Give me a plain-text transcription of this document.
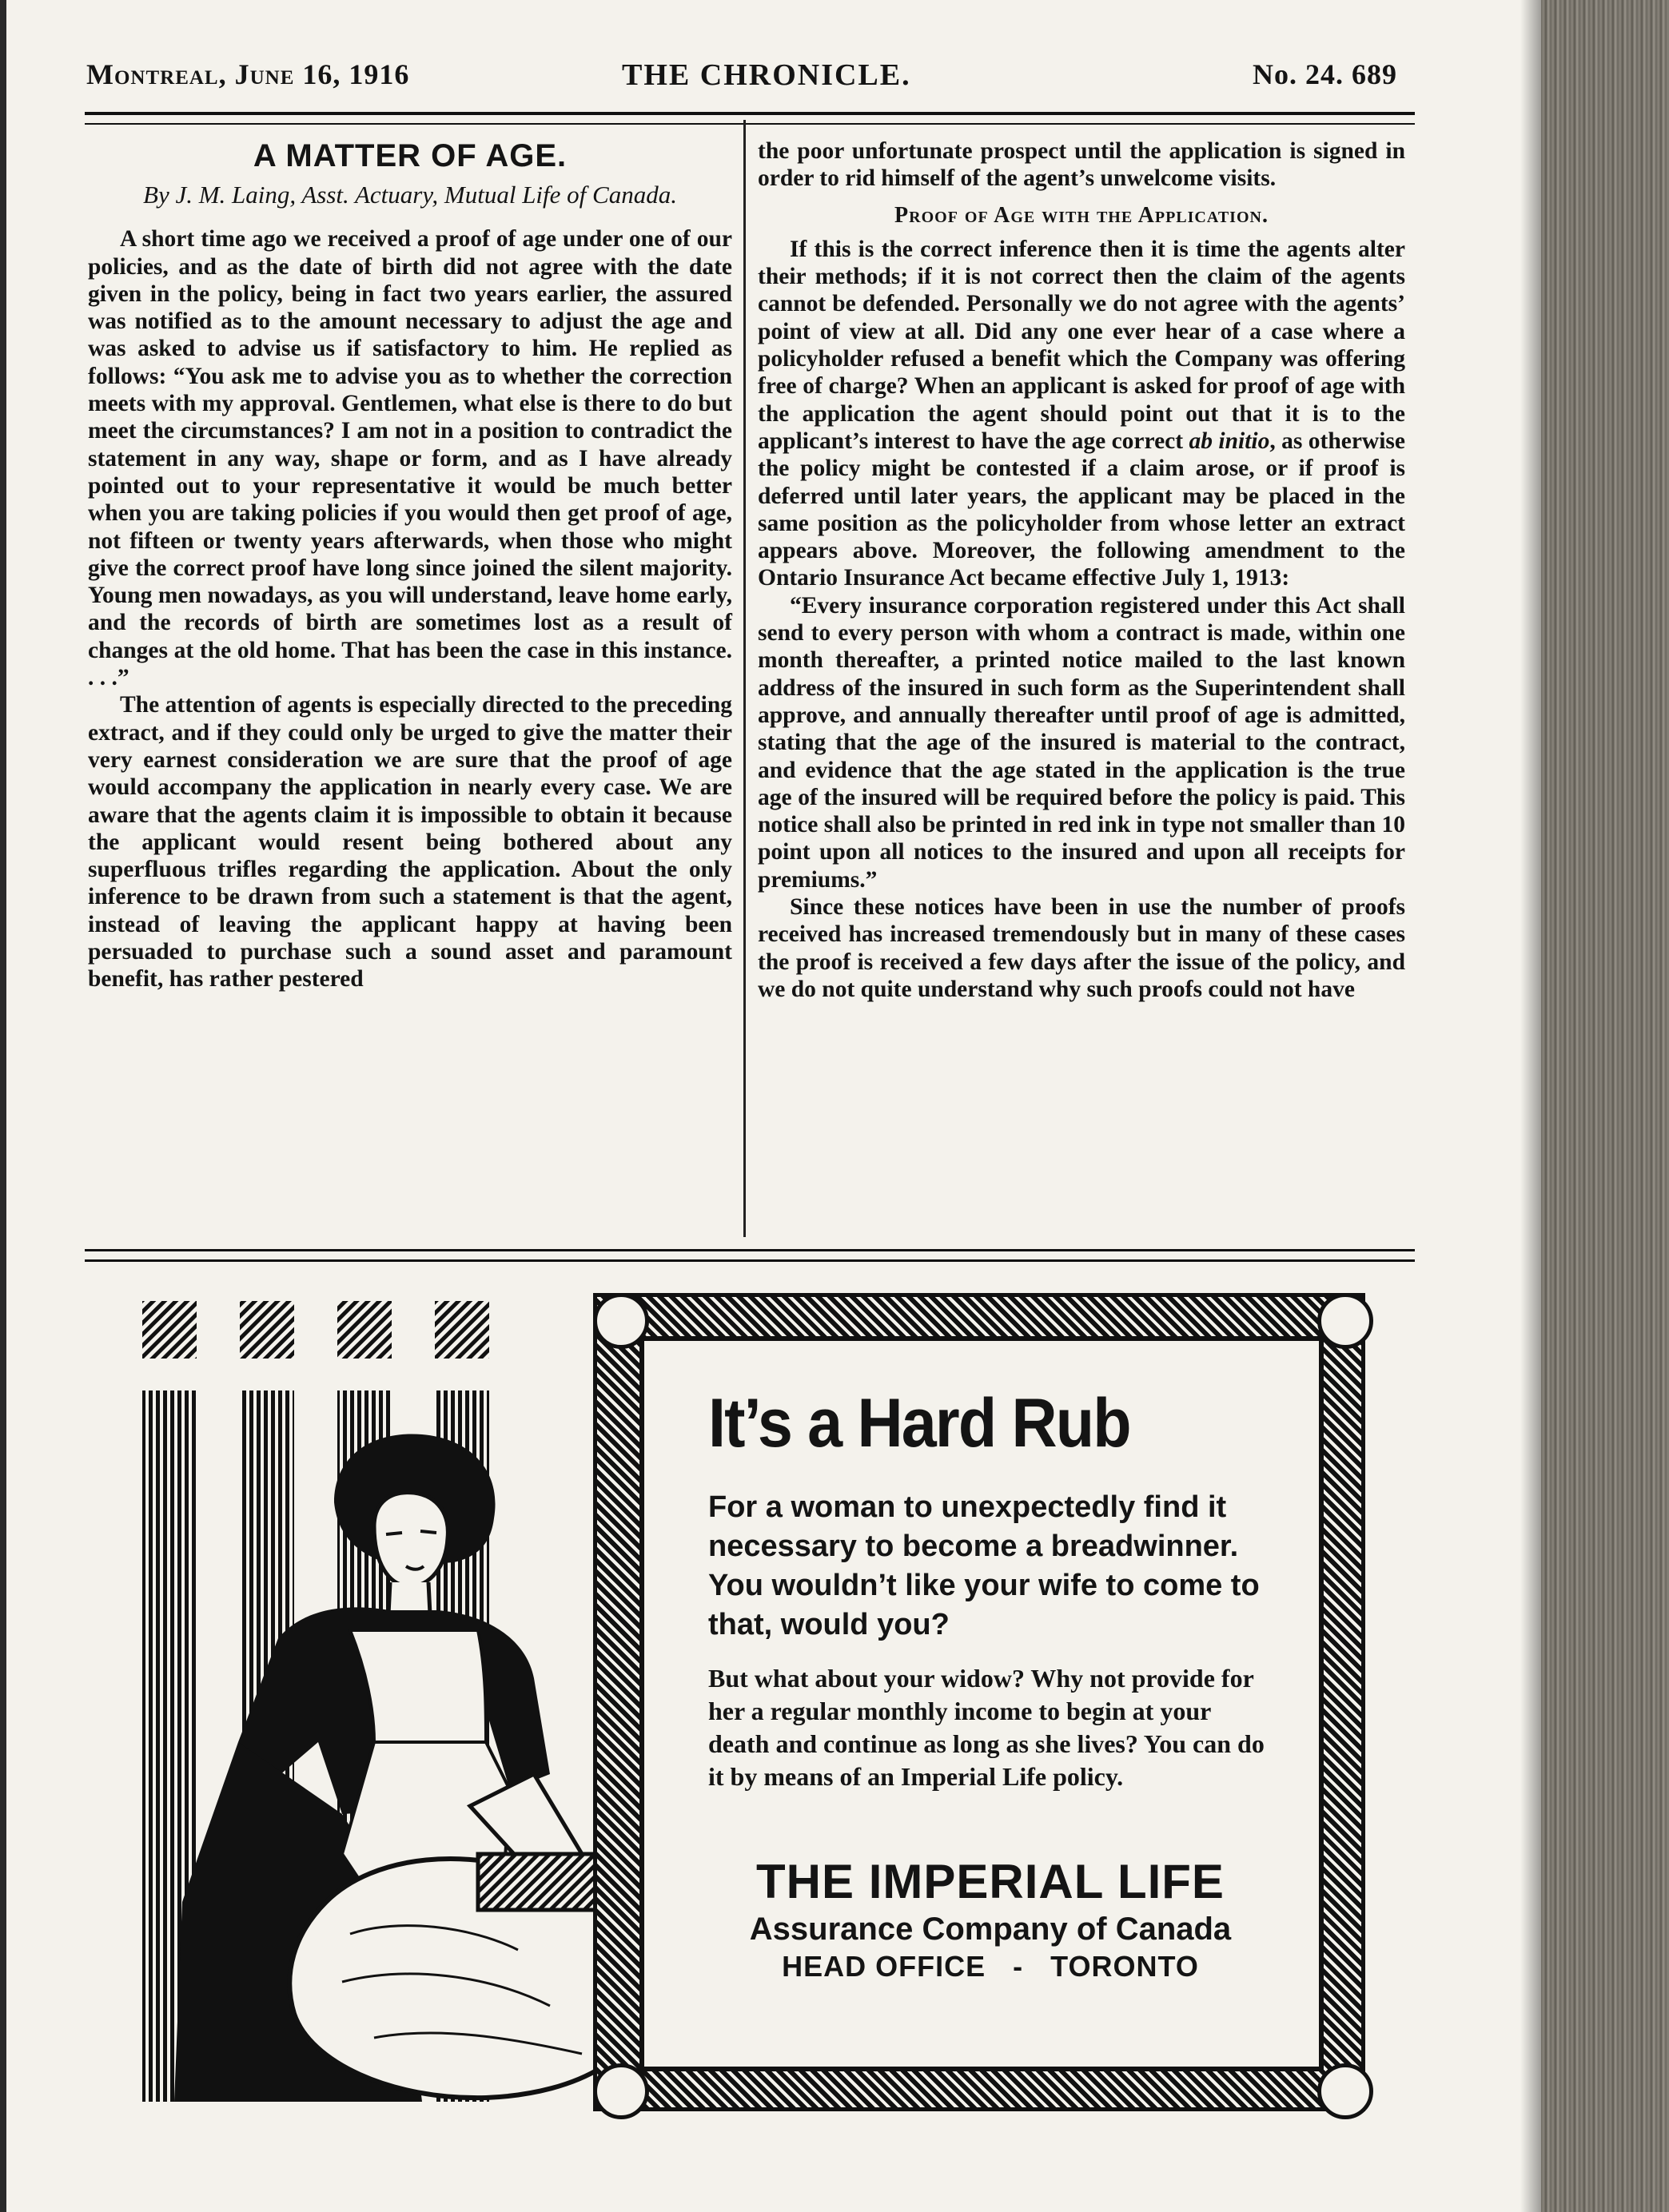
Montreal, June 16, 1916	THE CHRONICLE.	No. 24. 689
A MATTER OF AGE.
By J. M. Laing, Asst. Actuary, Mutual Life of Canada.

A short time ago we received a proof of age under one of our policies, and as the date of birth did not agree with the date given in the policy, being in fact two years earlier, the assured was notified as to the amount necessary to adjust the age and was asked to advise us if satisfactory to him. He replied as follows: “You ask me to advise you as to whether the correction meets with my approval. Gentlemen, what else is there to do but meet the circumstances? I am not in a position to contradict the statement in any way, shape or form, and as I have already pointed out to your representative it would be much better when you are taking policies if you would then get proof of age, not fifteen or twenty years afterwards, when those who might give the correct proof have long since joined the silent majority. Young men nowadays, as you will understand, leave home early, and the records of birth are sometimes lost as a result of changes at the old home. That has been the case in this instance. . . .”

The attention of agents is especially directed to the preceding extract, and if they could only be urged to give the matter their very earnest consideration we are sure that the proof of age would accompany the application in nearly every case. We are aware that the agents claim it is impossible to obtain it because the applicant would resent being bothered about any superfluous trifles regarding the application. About the only inference to be drawn from such a statement is that the agent, instead of leaving the applicant happy at having been persuaded to purchase such a sound asset and paramount benefit, has rather pestered

the poor unfortunate prospect until the application is signed in order to rid himself of the agent’s unwelcome visits.

Proof of Age with the Application.

If this is the correct inference then it is time the agents alter their methods; if it is not correct then the claim of the agents cannot be defended. Personally we do not agree with the agents’ point of view at all. Did any one ever hear of a case where a policyholder refused a benefit which the Company was offering free of charge? When an applicant is asked for proof of age with the application the agent should point out that it is to the applicant’s interest to have the age correct ab initio, as otherwise the policy might be contested if a claim arose, or if proof is deferred until later years, the applicant may be placed in the same position as the policyholder from whose letter an extract appears above. Moreover, the following amendment to the Ontario Insurance Act became effective July 1, 1913:

“Every insurance corporation registered under this Act shall send to every person with whom a contract is made, within one month thereafter, a printed notice mailed to the last known address of the insured in such form as the Superintendent shall approve, and annually thereafter until proof of age is admitted, stating that the age of the insured is material to the contract, and evidence that the age stated in the application is the true age of the insured will be required before the policy is paid. This notice shall also be printed in red ink in type not smaller than 10 point upon all notices to the insured and upon all receipts for premiums.”

Since these notices have been in use the number of proofs received has increased tremendously but in many of these cases the proof is received a few days after the issue of the policy, and we do not quite understand why such proofs could not have

It’s a Hard Rub
For a woman to unexpectedly find it necessary to become a breadwinner. You wouldn’t like your wife to come to that, would you?
But what about your widow? Why not provide for her a regular monthly income to begin at your death and continue as long as she lives? You can do it by means of an Imperial Life policy.
THE IMPERIAL LIFE
Assurance Company of Canada
HEAD OFFICE - TORONTO
